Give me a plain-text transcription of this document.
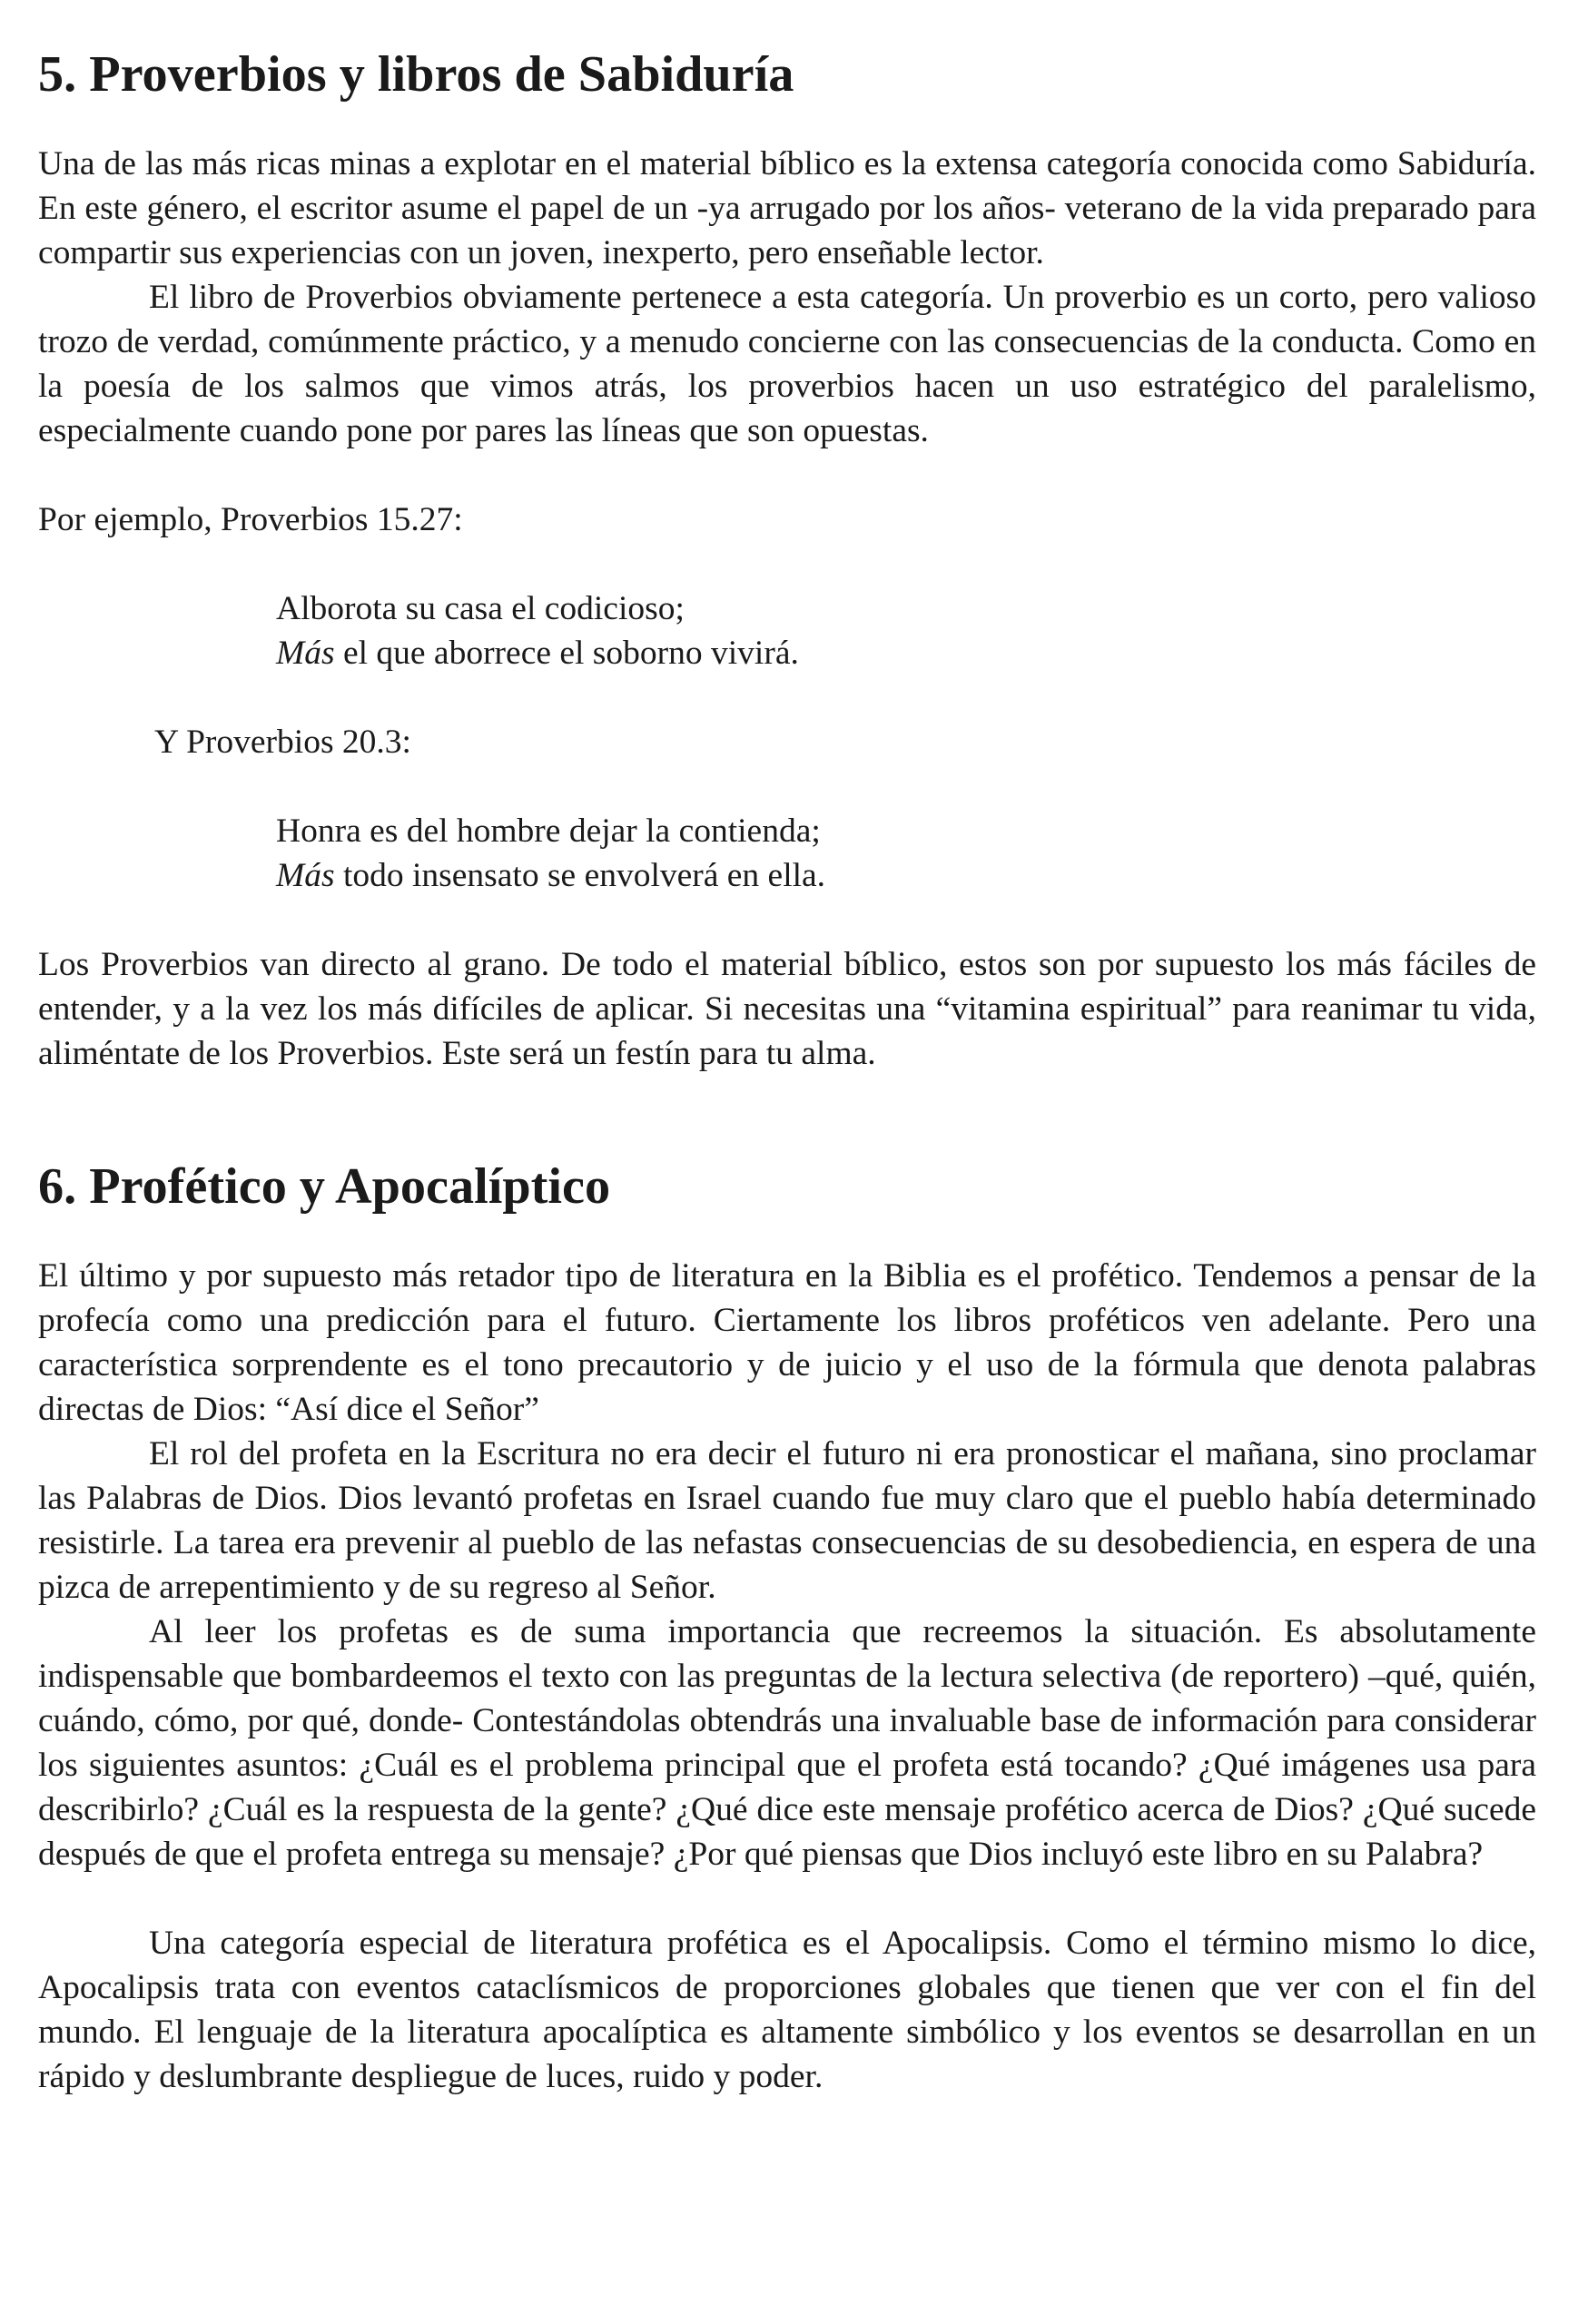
5. Proverbios y libros de Sabiduría

Una de las más ricas minas a explotar en el material bíblico es la extensa categoría conocida como Sabiduría. En este género, el escritor asume el papel de un -ya arrugado por los años- veterano de la vida preparado para compartir sus experiencias con un joven, inexperto, pero enseñable lector.

El libro de Proverbios obviamente pertenece a esta categoría. Un proverbio es un corto, pero valioso trozo de verdad, comúnmente práctico, y a menudo concierne con las consecuencias de la conducta. Como en la poesía de los salmos que vimos atrás, los proverbios hacen un uso estratégico del paralelismo, especialmente cuando pone por pares las líneas que son opuestas.

Por ejemplo, Proverbios 15.27:

Alborota su casa el codicioso;
Más el que aborrece el soborno vivirá.

Y Proverbios 20.3:

Honra es del hombre dejar la contienda;
Más todo insensato se envolverá en ella.

Los Proverbios van directo al grano. De todo el material bíblico, estos son por supuesto los más fáciles de entender, y a la vez los más difíciles de aplicar. Si necesitas una “vitamina espiritual” para reanimar tu vida, aliméntate de los Proverbios. Este será un festín para tu alma.

6. Profético y Apocalíptico

El último y por supuesto más retador tipo de literatura en la Biblia es el profético. Tendemos a pensar de la profecía como una predicción para el futuro. Ciertamente los libros proféticos ven adelante. Pero una característica sorprendente es el tono precautorio y de juicio y el uso de la fórmula que denota palabras directas de Dios: “Así dice el Señor”

El rol del profeta en la Escritura no era decir el futuro ni era pronosticar el mañana, sino proclamar las Palabras de Dios. Dios levantó profetas en Israel cuando fue muy claro que el pueblo había determinado resistirle. La tarea era prevenir al pueblo de las nefastas consecuencias de su desobediencia, en espera de una pizca de arrepentimiento y de su regreso al Señor.

Al leer los profetas es de suma importancia que recreemos la situación. Es absolutamente indispensable que bombardeemos el texto con las preguntas de la lectura selectiva (de reportero) –qué, quién, cuándo, cómo, por qué, donde- Contestándolas obtendrás una invaluable base de información para considerar los siguientes asuntos: ¿Cuál es el problema principal que el profeta está tocando? ¿Qué imágenes usa para describirlo? ¿Cuál es la respuesta de la gente? ¿Qué dice este mensaje profético acerca de Dios? ¿Qué sucede después de que el profeta entrega su mensaje? ¿Por qué piensas que Dios incluyó este libro en su Palabra?

Una categoría especial de literatura profética es el Apocalipsis. Como el término mismo lo dice, Apocalipsis trata con eventos cataclísmicos de proporciones globales que tienen que ver con el fin del mundo. El lenguaje de la literatura apocalíptica es altamente simbólico y los eventos se desarrollan en un rápido y deslumbrante despliegue de luces, ruido y poder.
